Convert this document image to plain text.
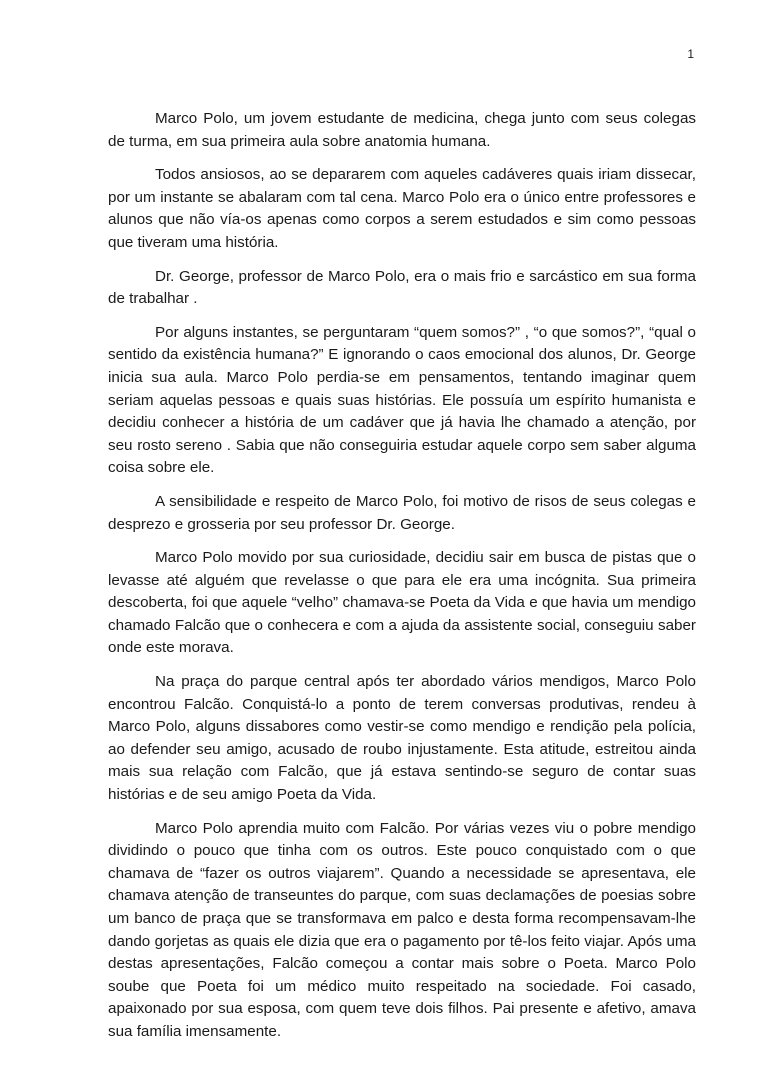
1

Marco Polo, um jovem estudante de medicina, chega junto com seus colegas de turma, em sua primeira aula sobre anatomia humana.

Todos ansiosos, ao se depararem com aqueles cadáveres quais iriam dissecar, por um instante se abalaram com tal cena. Marco Polo era o único entre professores e alunos que não vía-os apenas como corpos a serem estudados e sim como pessoas que tiveram uma história.

Dr. George, professor de Marco Polo, era o mais frio e sarcástico em sua forma de trabalhar .

Por alguns instantes, se perguntaram “quem somos?” , “o que somos?”, “qual o sentido da existência humana?” E ignorando o caos emocional dos alunos, Dr. George inicia sua aula. Marco Polo perdia-se em pensamentos, tentando imaginar quem seriam aquelas pessoas e quais suas histórias. Ele possuía um espírito humanista e decidiu conhecer a história de um cadáver que já havia lhe chamado a atenção, por seu rosto sereno . Sabia que não conseguiria estudar aquele corpo sem saber alguma coisa sobre ele.

A sensibilidade e respeito de Marco Polo, foi motivo de risos de seus colegas e desprezo e grosseria por seu professor Dr. George.

Marco Polo movido por sua curiosidade, decidiu sair em busca de pistas que o levasse até alguém que revelasse o que para ele era uma incógnita. Sua primeira descoberta, foi que aquele “velho” chamava-se Poeta da Vida e que havia um mendigo chamado Falcão que o conhecera e com a ajuda da assistente social, conseguiu saber onde este morava.

Na praça do parque central após ter abordado vários mendigos, Marco Polo encontrou Falcão. Conquistá-lo a ponto de terem conversas produtivas, rendeu à Marco Polo, alguns dissabores como vestir-se como mendigo e rendição pela polícia, ao defender seu amigo, acusado de roubo injustamente. Esta atitude, estreitou ainda mais sua relação com Falcão, que já estava sentindo-se seguro de contar suas histórias e de seu amigo Poeta da Vida.

Marco Polo aprendia muito com Falcão. Por várias vezes viu o pobre mendigo dividindo o pouco que tinha com os outros. Este pouco conquistado com o que chamava de “fazer os outros viajarem”. Quando a necessidade se apresentava, ele chamava atenção de transeuntes do parque, com suas declamações de poesias sobre um banco de praça que se transformava em palco e desta forma recompensavam-lhe dando gorjetas as quais ele dizia que era o pagamento por tê-los feito viajar. Após uma destas apresentações, Falcão começou a contar mais sobre o Poeta. Marco Polo soube que Poeta foi um médico muito respeitado na sociedade. Foi casado, apaixonado por sua esposa, com quem teve dois filhos. Pai presente e afetivo, amava sua família imensamente.
